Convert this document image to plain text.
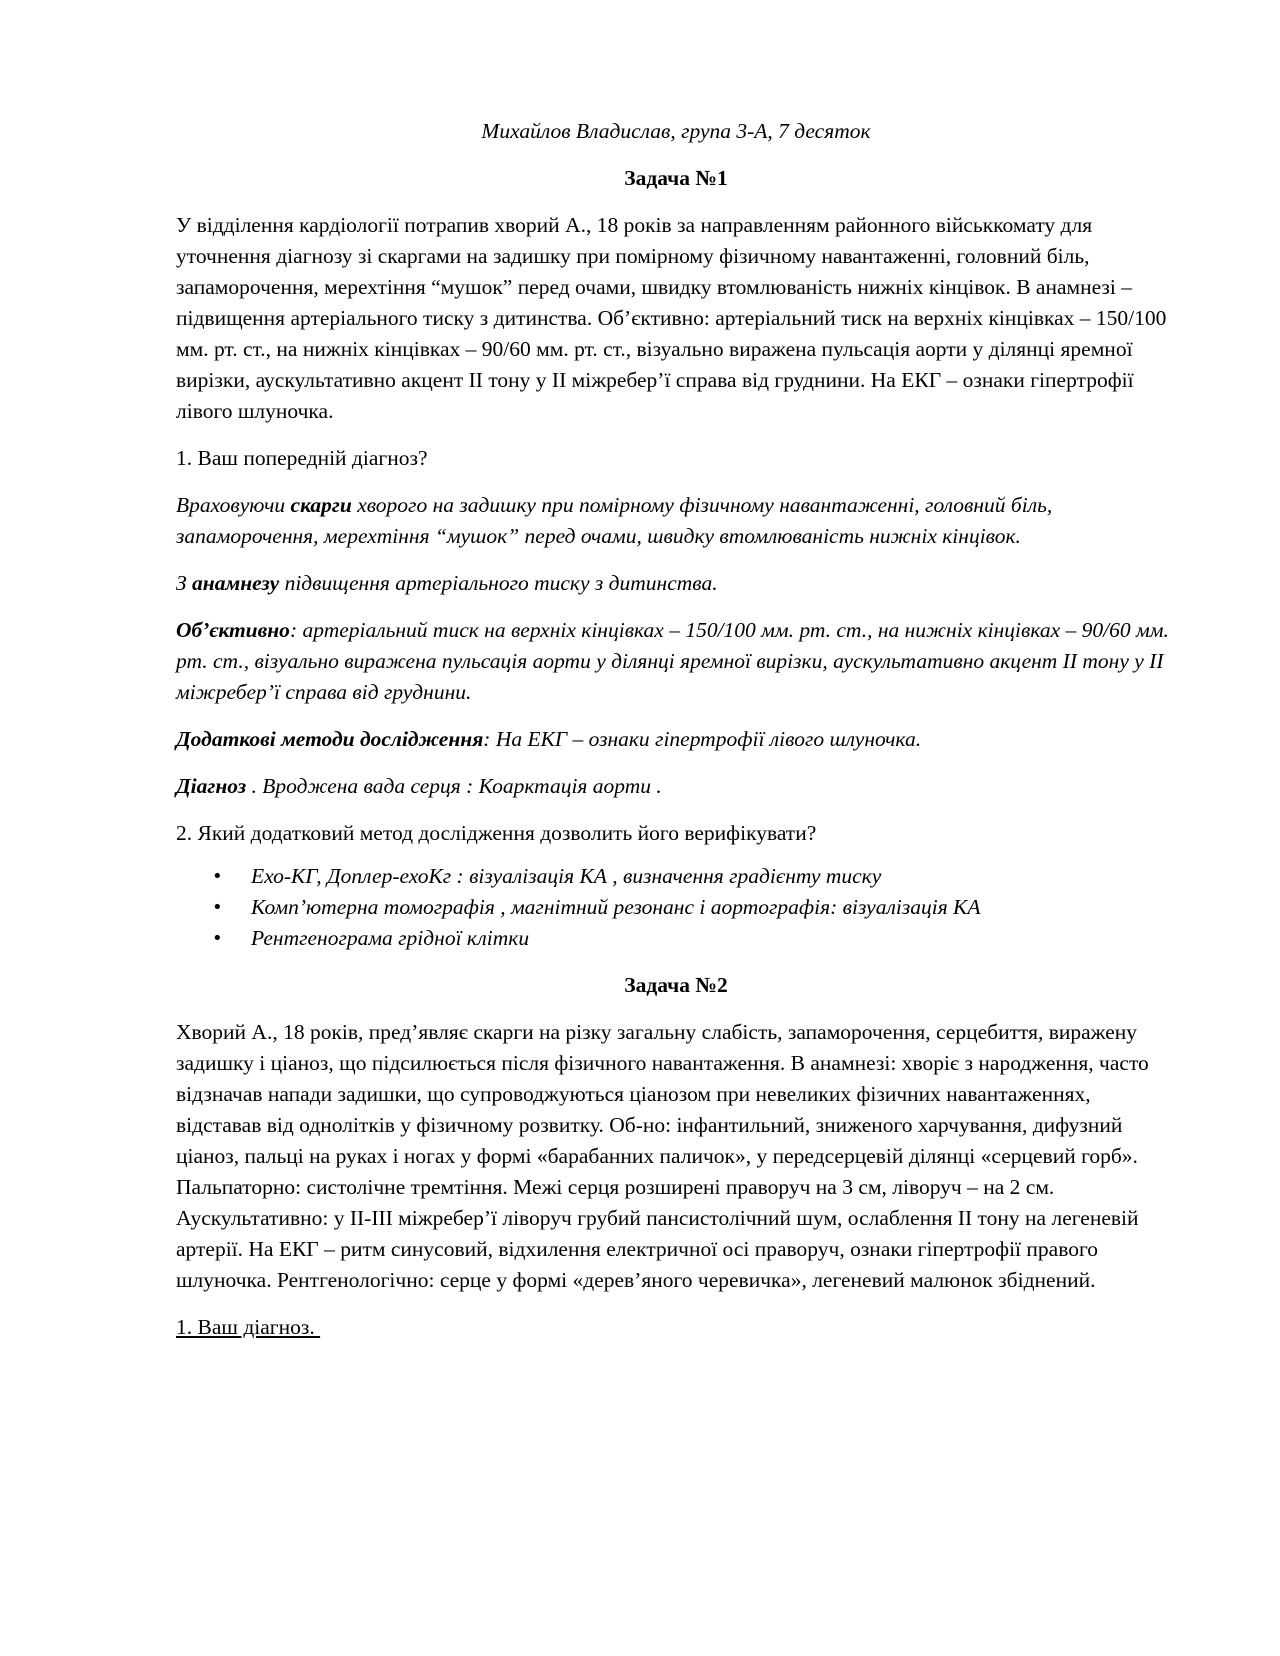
Михайлов Владислав, група 3-А, 7 десяток

Задача №1

У відділення кардіології потрапив хворий А., 18 років за направленням районного військкомату для уточнення діагнозу зі скаргами на задишку при помірному фізичному навантаженні, головний біль, запаморочення, мерехтіння “мушок” перед очами, швидку втомлюваність нижніх кінцівок. В анамнезі – підвищення артеріального тиску з дитинства. Об’єктивно: артеріальний тиск на верхніх кінцівках – 150/100 мм. рт. ст., на нижніх кінцівках – 90/60 мм. рт. ст., візуально виражена пульсація аорти у ділянці яремної вирізки, аускультативно акцент ІІ тону у ІІ міжребер’ї справа від груднини. На ЕКГ – ознаки гіпертрофії лівого шлуночка.

1. Ваш попередній діагноз?

Враховуючи скарги хворого на задишку при помірному фізичному навантаженні, головний біль, запаморочення, мерехтіння “мушок” перед очами, швидку втомлюваність нижніх кінцівок.

З анамнезу підвищення артеріального тиску з дитинства.

Об’єктивно: артеріальний тиск на верхніх кінцівках – 150/100 мм. рт. ст., на нижніх кінцівках – 90/60 мм. рт. ст., візуально виражена пульсація аорти у ділянці яремної вирізки, аускультативно акцент ІІ тону у ІІ міжребер’ї справа від груднини.

Додаткові методи дослідження: На ЕКГ – ознаки гіпертрофії лівого шлуночка.

Діагноз . Вроджена вада серця : Коарктація аорти .

2. Який додатковий метод дослідження дозволить його верифікувати?

• Ехо-КГ, Доплер-ехоКг : візуалізація КА , визначення градієнту тиску
• Комп’ютерна томографія , магнітний резонанс і аортографія: візуалізація КА
• Рентгенограма грідної клітки

Задача №2

Хворий А., 18 років, пред’являє скарги на різку загальну слабість, запаморочення, серцебиття, виражену задишку і ціаноз, що підсилюється після фізичного навантаження. В анамнезі: хворіє з народження, часто відзначав напади задишки, що супроводжуються ціанозом при невеликих фізичних навантаженнях, відставав від однолітків у фізичному розвитку. Об-но: інфантильний, зниженого харчування, дифузний ціаноз, пальці на руках і ногах у формі «барабанних паличок», у передсерцевій ділянці «серцевий горб». Пальпаторно: систолічне тремтіння. Межі серця розширені праворуч на 3 см, ліворуч – на 2 см. Аускультативно: у ІІ-ІІІ міжребер’ї ліворуч грубий пансистолічний шум, ослаблення ІІ тону на легеневій артерії. На ЕКГ – ритм синусовий, відхилення електричної осі праворуч, ознаки гіпертрофії правого шлуночка. Рентгенологічно: серце у формі «дерев’яного черевичка», легеневий малюнок збіднений.

1. Ваш діагноз.
